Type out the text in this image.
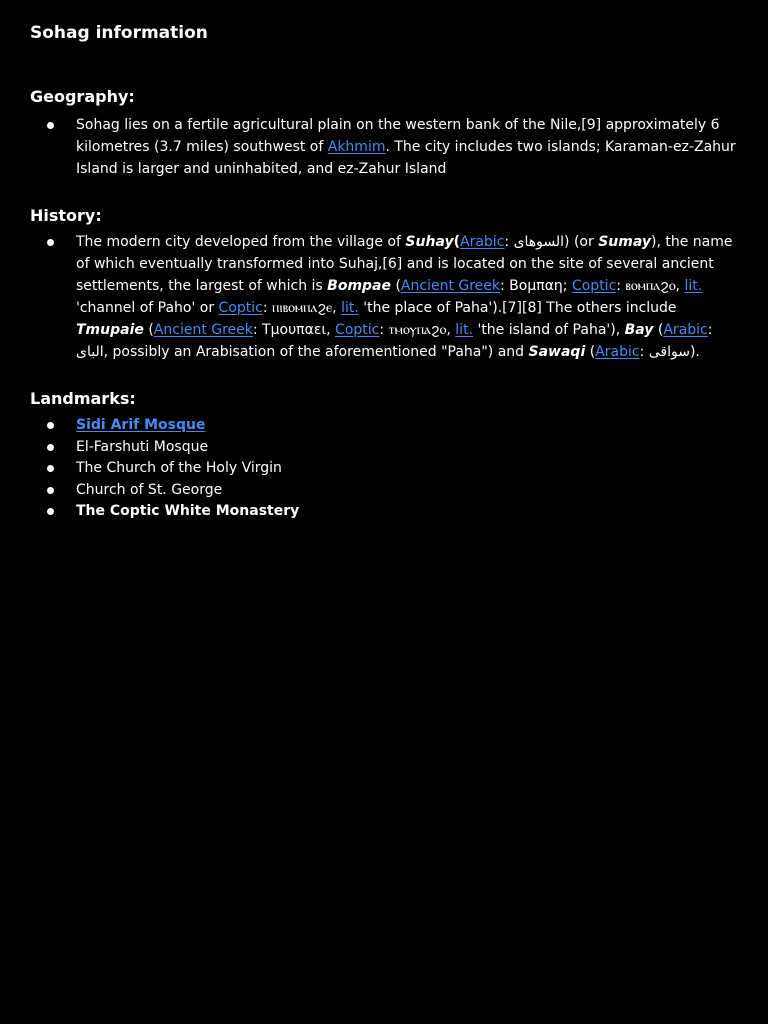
Sohag information
Geography:
Sohag lies on a fertile agricultural plain on the western bank of the Nile,[9] approximately 6 kilometres (3.7 miles) southwest of Akhmim. The city includes two islands; Karaman-ez-Zahur Island is larger and uninhabited, and ez-Zahur Island
History:
The modern city developed from the village of Suhay(Arabic: السوهاى) (or Sumay), the name of which eventually transformed into Suhaj,[6] and is located on the site of several ancient settlements, the largest of which is Bompae (Ancient Greek: Βομπαη; Coptic: ⲃⲟⲙⲡⲁϩⲟ, lit. 'channel of Paho' or Coptic: ⲡⲓⲃⲟⲙⲡⲁϩⲉ, lit. 'the place of Paha').[7][8] The others include Tmupaie (Ancient Greek: Τμουπαει, Coptic: ⲧⲙⲟⲩⲡⲁϩⲟ, lit. 'the island of Paha'), Bay (Arabic: الباى, possibly an Arabisation of the aforementioned "Paha") and Sawaqi (Arabic: سواقى).
Landmarks:
Sidi Arif Mosque
El-Farshuti Mosque
The Church of the Holy Virgin
Church of St. George
The Coptic White Monastery
